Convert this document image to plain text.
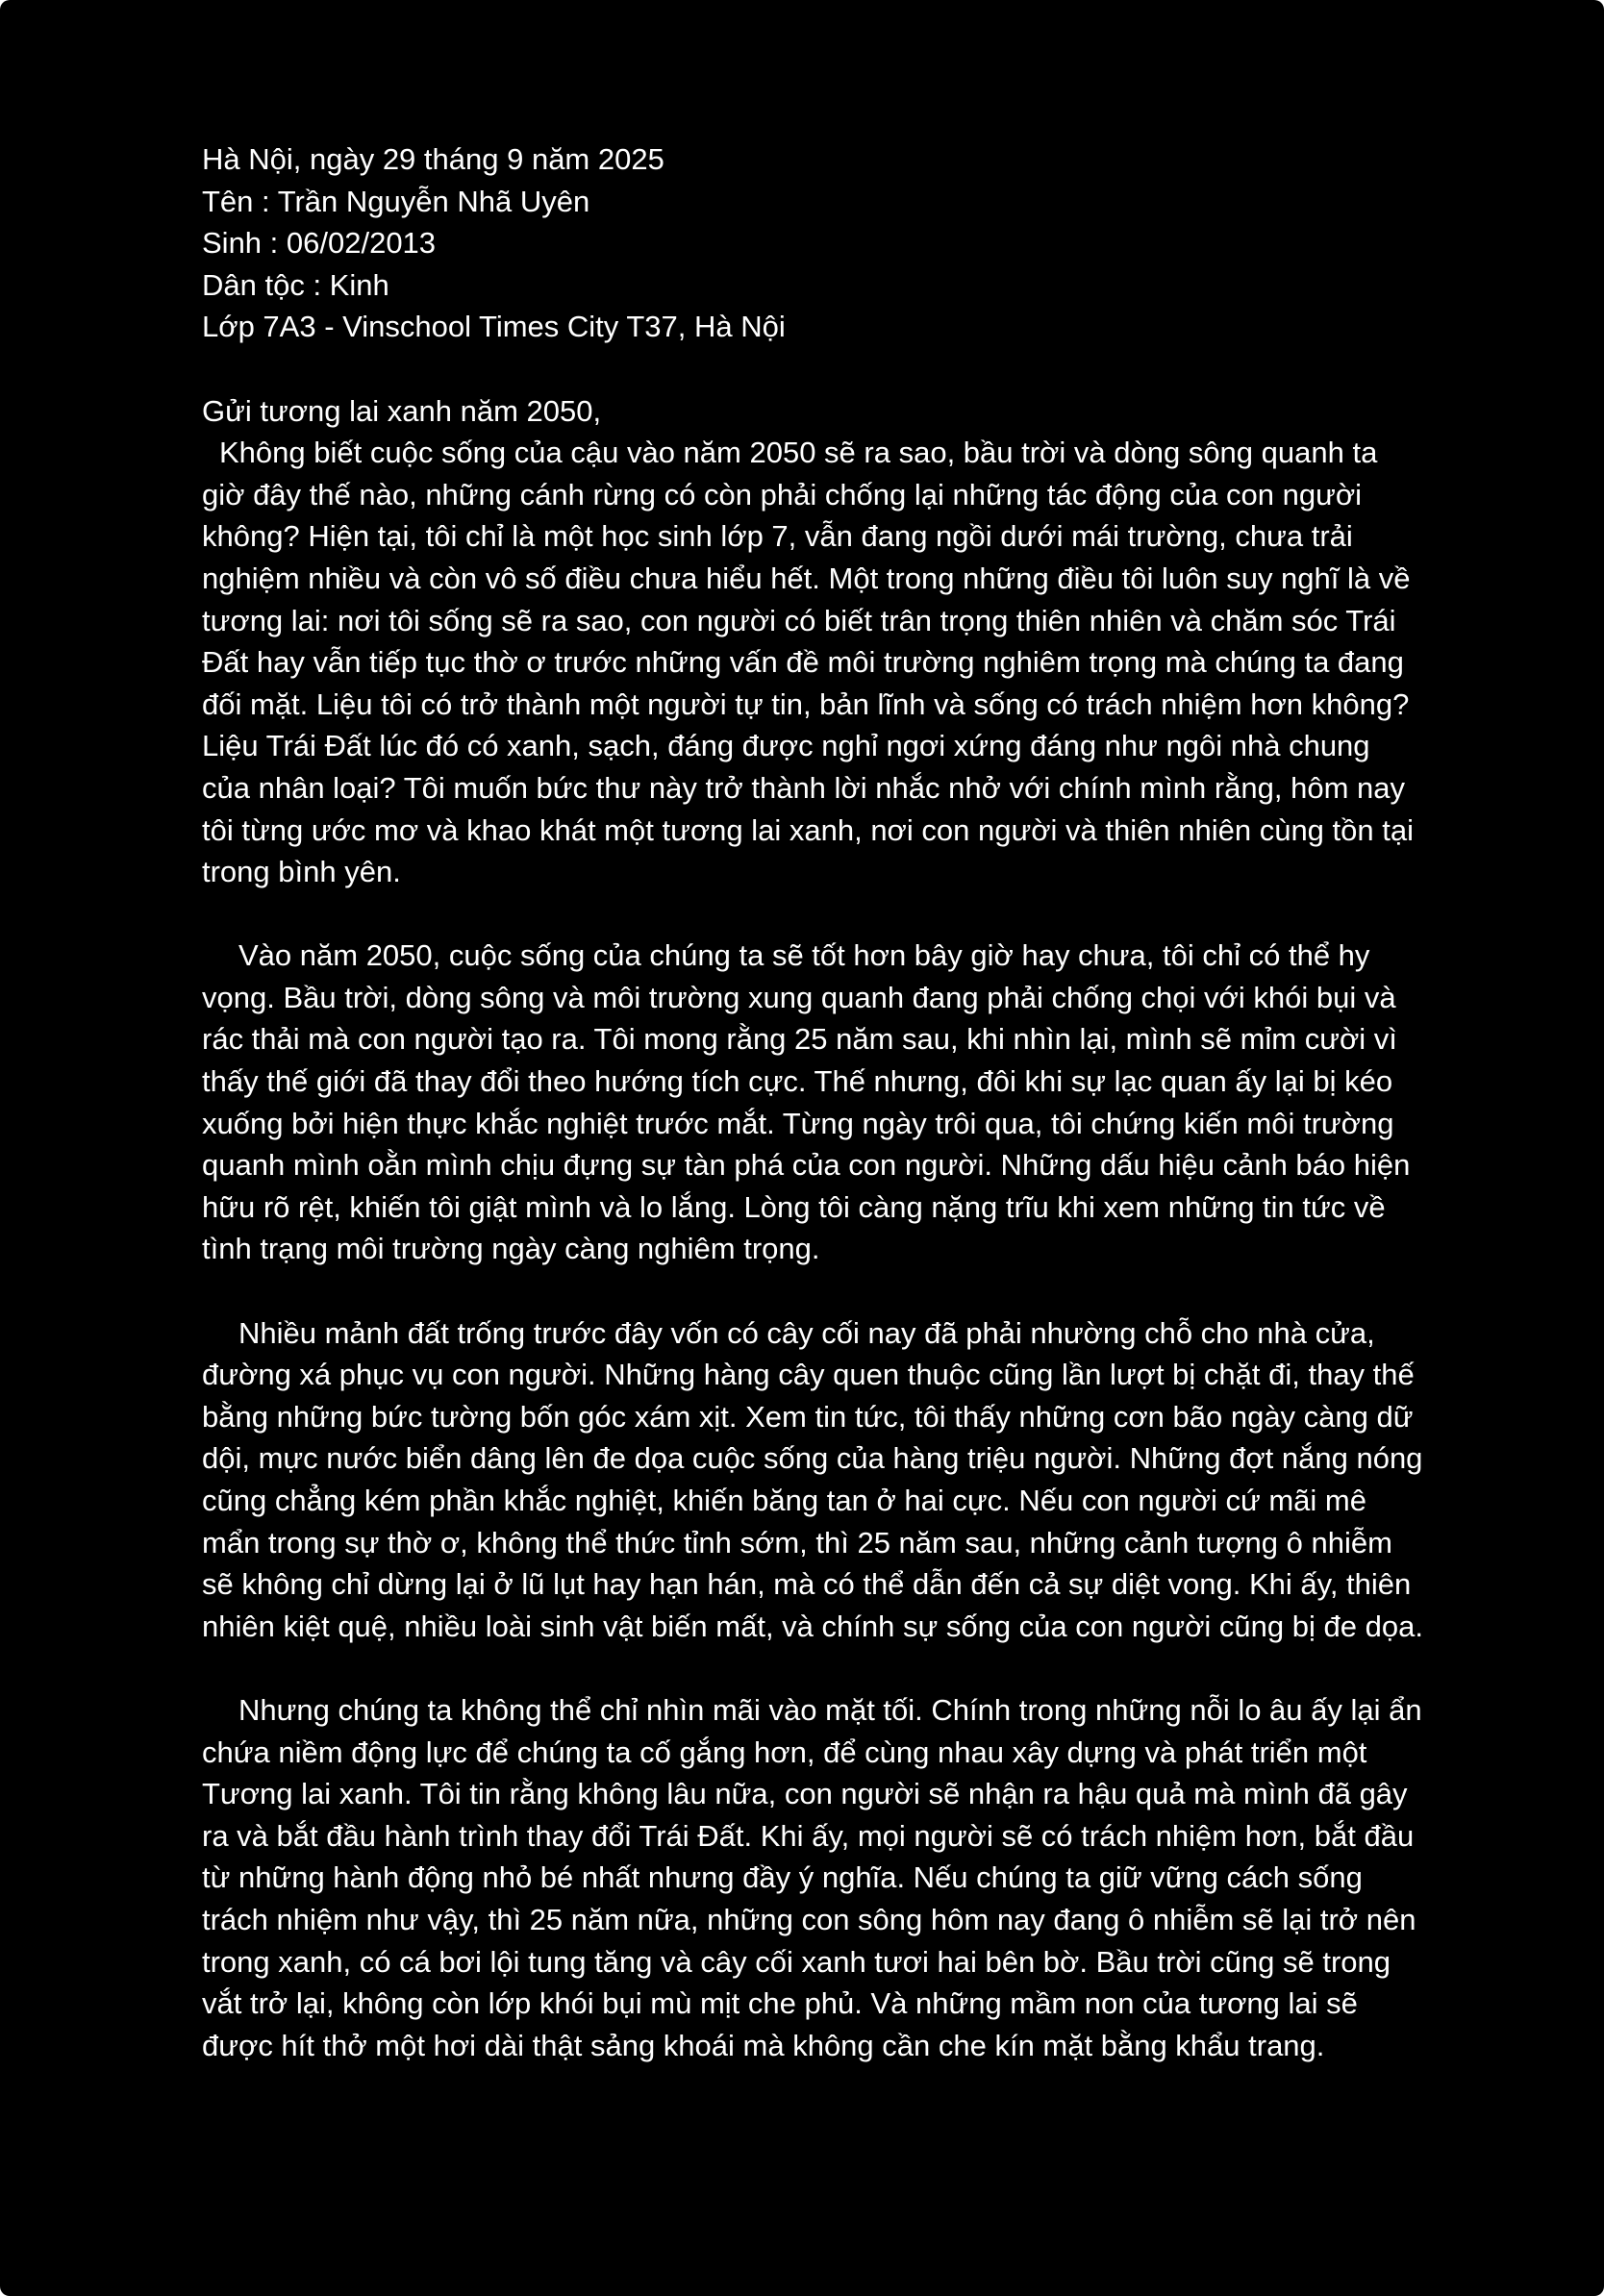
Hà Nội, ngày 29 tháng 9 năm 2025

Tên : Trần Nguyễn Nhã Uyên

Sinh : 06/02/2013

Dân tộc : Kinh

Lớp 7A3 - Vinschool Times City T37, Hà Nội

Gửi tương lai xanh năm 2050,

Không biết cuộc sống của cậu vào năm 2050 sẽ ra sao, bầu trời và dòng sông quanh ta giờ đây thế nào, những cánh rừng có còn phải chống lại những tác động của con người không? Hiện tại, tôi chỉ là một học sinh lớp 7, vẫn đang ngồi dưới mái trường, chưa trải nghiệm nhiều và còn vô số điều chưa hiểu hết. Một trong những điều tôi luôn suy nghĩ là về tương lai: nơi tôi sống sẽ ra sao, con người có biết trân trọng thiên nhiên và chăm sóc Trái Đất hay vẫn tiếp tục thờ ơ trước những vấn đề môi trường nghiêm trọng mà chúng ta đang đối mặt. Liệu tôi có trở thành một người tự tin, bản lĩnh và sống có trách nhiệm hơn không? Liệu Trái Đất lúc đó có xanh, sạch, đáng được nghỉ ngơi xứng đáng như ngôi nhà chung của nhân loại? Tôi muốn bức thư này trở thành lời nhắc nhở với chính mình rằng, hôm nay tôi từng ước mơ và khao khát một tương lai xanh, nơi con người và thiên nhiên cùng tồn tại trong bình yên.

Vào năm 2050, cuộc sống của chúng ta sẽ tốt hơn bây giờ hay chưa, tôi chỉ có thể hy vọng. Bầu trời, dòng sông và môi trường xung quanh đang phải chống chọi với khói bụi và rác thải mà con người tạo ra. Tôi mong rằng 25 năm sau, khi nhìn lại, mình sẽ mỉm cười vì thấy thế giới đã thay đổi theo hướng tích cực. Thế nhưng, đôi khi sự lạc quan ấy lại bị kéo xuống bởi hiện thực khắc nghiệt trước mắt. Từng ngày trôi qua, tôi chứng kiến môi trường quanh mình oằn mình chịu đựng sự tàn phá của con người. Những dấu hiệu cảnh báo hiện hữu rõ rệt, khiến tôi giật mình và lo lắng. Lòng tôi càng nặng trĩu khi xem những tin tức về tình trạng môi trường ngày càng nghiêm trọng.

Nhiều mảnh đất trống trước đây vốn có cây cối nay đã phải nhường chỗ cho nhà cửa, đường xá phục vụ con người. Những hàng cây quen thuộc cũng lần lượt bị chặt đi, thay thế bằng những bức tường bốn góc xám xịt. Xem tin tức, tôi thấy những cơn bão ngày càng dữ dội, mực nước biển dâng lên đe dọa cuộc sống của hàng triệu người. Những đợt nắng nóng cũng chẳng kém phần khắc nghiệt, khiến băng tan ở hai cực. Nếu con người cứ mãi mê mẩn trong sự thờ ơ, không thể thức tỉnh sớm, thì 25 năm sau, những cảnh tượng ô nhiễm sẽ không chỉ dừng lại ở lũ lụt hay hạn hán, mà có thể dẫn đến cả sự diệt vong. Khi ấy, thiên nhiên kiệt quệ, nhiều loài sinh vật biến mất, và chính sự sống của con người cũng bị đe dọa.

Nhưng chúng ta không thể chỉ nhìn mãi vào mặt tối. Chính trong những nỗi lo âu ấy lại ẩn chứa niềm động lực để chúng ta cố gắng hơn, để cùng nhau xây dựng và phát triển một Tương lai xanh. Tôi tin rằng không lâu nữa, con người sẽ nhận ra hậu quả mà mình đã gây ra và bắt đầu hành trình thay đổi Trái Đất. Khi ấy, mọi người sẽ có trách nhiệm hơn, bắt đầu từ những hành động nhỏ bé nhất nhưng đầy ý nghĩa. Nếu chúng ta giữ vững cách sống trách nhiệm như vậy, thì 25 năm nữa, những con sông hôm nay đang ô nhiễm sẽ lại trở nên trong xanh, có cá bơi lội tung tăng và cây cối xanh tươi hai bên bờ. Bầu trời cũng sẽ trong vắt trở lại, không còn lớp khói bụi mù mịt che phủ. Và những mầm non của tương lai sẽ được hít thở một hơi dài thật sảng khoái mà không cần che kín mặt bằng khẩu trang.
